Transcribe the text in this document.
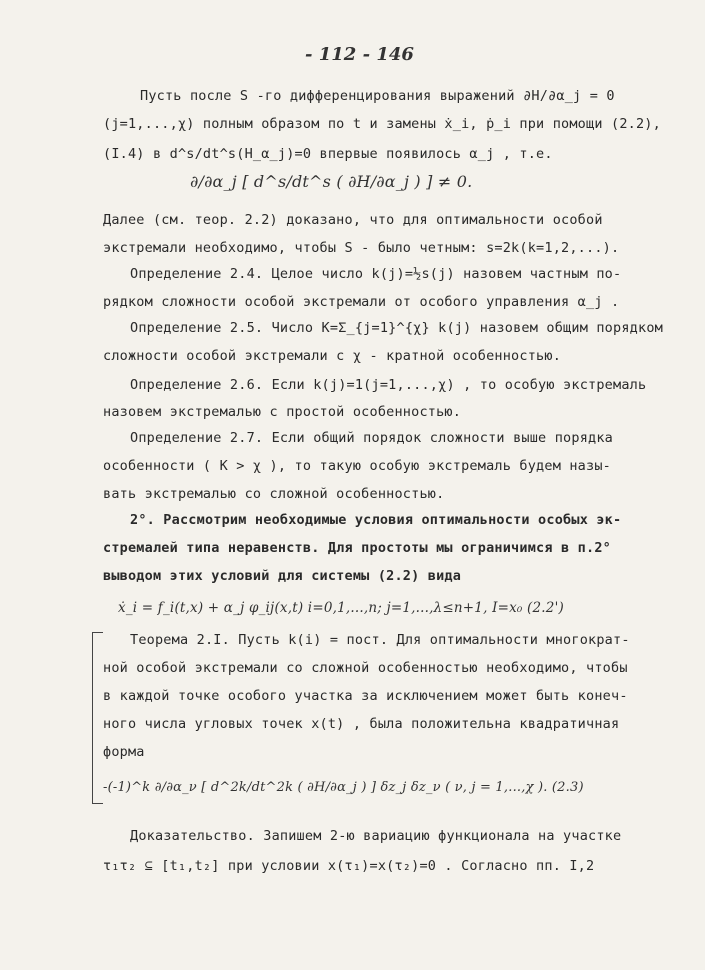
- 112 - 146
Пусть после S -го дифференцирования выражений ∂H/∂α_j = 0
(j=1,...,χ) полным образом по t и замены ẋ_i, ṗ_i при помощи (2.2),
(I.4) в d^s/dt^s(H_α_j)=0 впервые появилось α_j , т.е.
∂/∂α_j [ d^s/dt^s ( ∂H/∂α_j ) ] ≠ 0.
Далее (см. теор. 2.2) доказано, что для оптимальности особой
экстремали необходимо, чтобы S - было четным: s=2k(k=1,2,...).
Определение 2.4. Целое число k(j)=½s(j) назовем частным по-
рядком сложности особой экстремали от особого управления α_j .
Определение 2.5. Число K=Σ_{j=1}^{χ} k(j) назовем общим порядком
сложности особой экстремали с χ - кратной особенностью.
Определение 2.6. Если k(j)=1(j=1,...,χ) , то особую экстремаль
назовем экстремалью с простой особенностью.
Определение 2.7. Если общий порядок сложности выше порядка
особенности ( K > χ ), то такую особую экстремаль будем назы-
вать экстремалью со сложной особенностью.
2°. Рассмотрим необходимые условия оптимальности особых эк-
стремалей типа неравенств. Для простоты мы ограничимся в п.2°
выводом этих условий для системы (2.2) вида
ẋ_i = f_i(t,x) + α_j φ_ij(x,t) i=0,1,...,n; j=1,...,λ≤n+1, I=x₀ (2.2')
Теорема 2.I. Пусть k(i) = пост. Для оптимальности многократ-
ной особой экстремали со сложной особенностью необходимо, чтобы
в каждой точке особого участка за исключением может быть конеч-
ного числа угловых точек x(t) , была положительна квадратичная
форма
-(-1)^k ∂/∂α_ν [ d^2k/dt^2k ( ∂H/∂α_j ) ] δz_j δz_ν ( ν, j = 1,...,χ ). (2.3)
Доказательство. Запишем 2-ю вариацию функционала на участке
τ₁τ₂ ⊆ [t₁,t₂] при условии x(τ₁)=x(τ₂)=0 . Согласно пп. I,2
